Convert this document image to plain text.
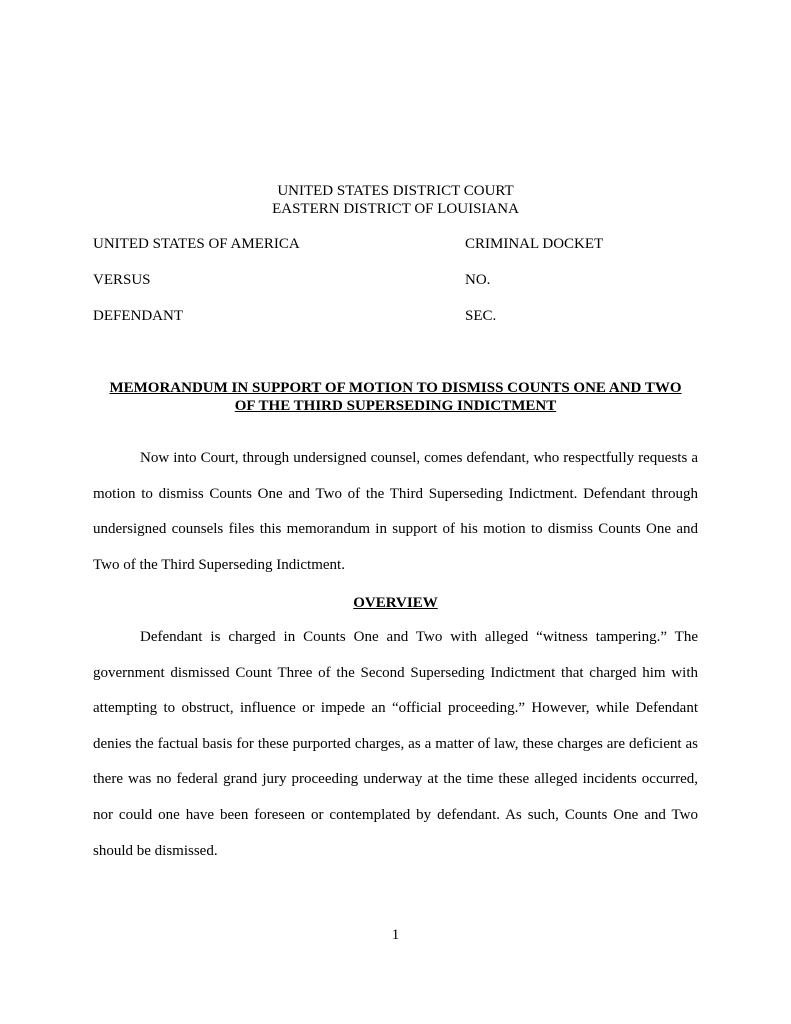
UNITED STATES DISTRICT COURT
EASTERN DISTRICT OF LOUISIANA
UNITED STATES OF AMERICA	CRIMINAL DOCKET
VERSUS	NO.
DEFENDANT	SEC.
MEMORANDUM IN SUPPORT OF MOTION TO DISMISS COUNTS ONE AND TWO
OF THE THIRD SUPERSEDING INDICTMENT

Now into Court, through undersigned counsel, comes defendant, who respectfully requests a motion to dismiss Counts One and Two of the Third Superseding Indictment. Defendant through undersigned counsels files this memorandum in support of his motion to dismiss Counts One and Two of the Third Superseding Indictment.

OVERVIEW

Defendant is charged in Counts One and Two with alleged “witness tampering.” The government dismissed Count Three of the Second Superseding Indictment that charged him with attempting to obstruct, influence or impede an “official proceeding.” However, while Defendant denies the factual basis for these purported charges, as a matter of law, these charges are deficient as there was no federal grand jury proceeding underway at the time these alleged incidents occurred, nor could one have been foreseen or contemplated by defendant. As such, Counts One and Two should be dismissed.

1
